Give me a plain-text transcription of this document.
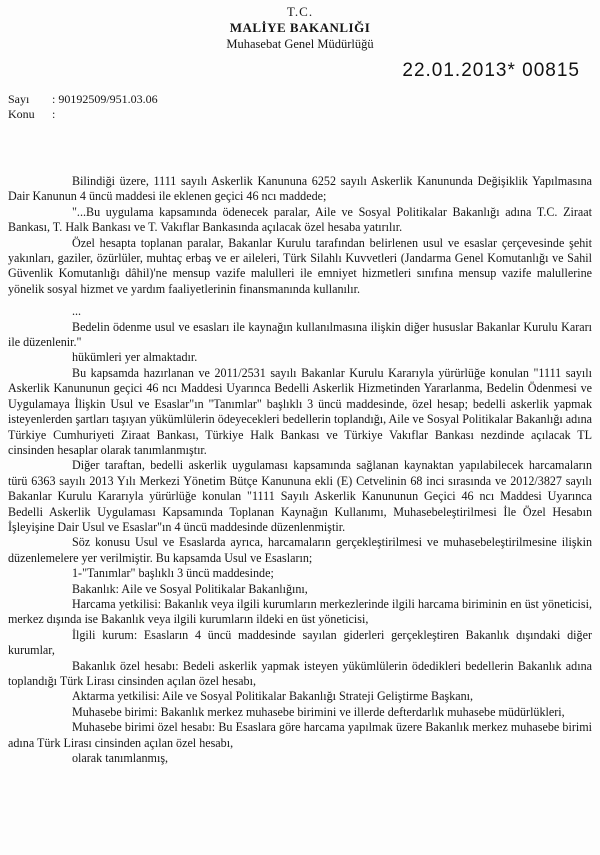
T.C.
MALİYE BAKANLIĞI
Muhasebat Genel Müdürlüğü
22.01.2013* 00815
Sayı : 90192509/951.03.06
Konu :

Bilindiği üzere, 1111 sayılı Askerlik Kanununa 6252 sayılı Askerlik Kanununda Değişiklik Yapılmasına Dair Kanunun 4 üncü maddesi ile eklenen geçici 46 ncı maddede;

"...Bu uygulama kapsamında ödenecek paralar, Aile ve Sosyal Politikalar Bakanlığı adına T.C. Ziraat Bankası, T. Halk Bankası ve T. Vakıflar Bankasında açılacak özel hesaba yatırılır.

Özel hesapta toplanan paralar, Bakanlar Kurulu tarafından belirlenen usul ve esaslar çerçevesinde şehit yakınları, gaziler, özürlüler, muhtaç erbaş ve er aileleri, Türk Silahlı Kuvvetleri (Jandarma Genel Komutanlığı ve Sahil Güvenlik Komutanlığı dâhil)'ne mensup vazife malulleri ile emniyet hizmetleri sınıfına mensup vazife malullerine yönelik sosyal hizmet ve yardım faaliyetlerinin finansmanında kullanılır.

...

Bedelin ödenme usul ve esasları ile kaynağın kullanılmasına ilişkin diğer hususlar Bakanlar Kurulu Kararı ile düzenlenir."

hükümleri yer almaktadır.

Bu kapsamda hazırlanan ve 2011/2531 sayılı Bakanlar Kurulu Kararıyla yürürlüğe konulan "1111 sayılı Askerlik Kanununun geçici 46 ncı Maddesi Uyarınca Bedelli Askerlik Hizmetinden Yararlanma, Bedelin Ödenmesi ve Uygulamaya İlişkin Usul ve Esaslar"ın "Tanımlar" başlıklı 3 üncü maddesinde, özel hesap; bedelli askerlik yapmak isteyenlerden şartları taşıyan yükümlülerin ödeyecekleri bedellerin toplandığı, Aile ve Sosyal Politikalar Bakanlığı adına Türkiye Cumhuriyeti Ziraat Bankası, Türkiye Halk Bankası ve Türkiye Vakıflar Bankası nezdinde açılacak TL cinsinden hesaplar olarak tanımlanmıştır.

Diğer taraftan, bedelli askerlik uygulaması kapsamında sağlanan kaynaktan yapılabilecek harcamaların türü 6363 sayılı 2013 Yılı Merkezi Yönetim Bütçe Kanununa ekli (E) Cetvelinin 68 inci sırasında ve 2012/3827 sayılı Bakanlar Kurulu Kararıyla yürürlüğe konulan "1111 Sayılı Askerlik Kanununun Geçici 46 ncı Maddesi Uyarınca Bedelli Askerlik Uygulaması Kapsamında Toplanan Kaynağın Kullanımı, Muhasebeleştirilmesi İle Özel Hesabın İşleyişine Dair Usul ve Esaslar"ın 4 üncü maddesinde düzenlenmiştir.

Söz konusu Usul ve Esaslarda ayrıca, harcamaların gerçekleştirilmesi ve muhasebeleştirilmesine ilişkin düzenlemelere yer verilmiştir. Bu kapsamda Usul ve Esasların;

1-"Tanımlar" başlıklı 3 üncü maddesinde;

Bakanlık: Aile ve Sosyal Politikalar Bakanlığını,

Harcama yetkilisi: Bakanlık veya ilgili kurumların merkezlerinde ilgili harcama biriminin en üst yöneticisi, merkez dışında ise Bakanlık veya ilgili kurumların ildeki en üst yöneticisi,

İlgili kurum: Esasların 4 üncü maddesinde sayılan giderleri gerçekleştiren Bakanlık dışındaki diğer kurumlar,

Bakanlık özel hesabı: Bedeli askerlik yapmak isteyen yükümlülerin ödedikleri bedellerin Bakanlık adına toplandığı Türk Lirası cinsinden açılan özel hesabı,

Aktarma yetkilisi: Aile ve Sosyal Politikalar Bakanlığı Strateji Geliştirme Başkanı,

Muhasebe birimi: Bakanlık merkez muhasebe birimini ve illerde defterdarlık muhasebe müdürlükleri,

Muhasebe birimi özel hesabı: Bu Esaslara göre harcama yapılmak üzere Bakanlık merkez muhasebe birimi adına Türk Lirası cinsinden açılan özel hesabı,

olarak tanımlanmış,
